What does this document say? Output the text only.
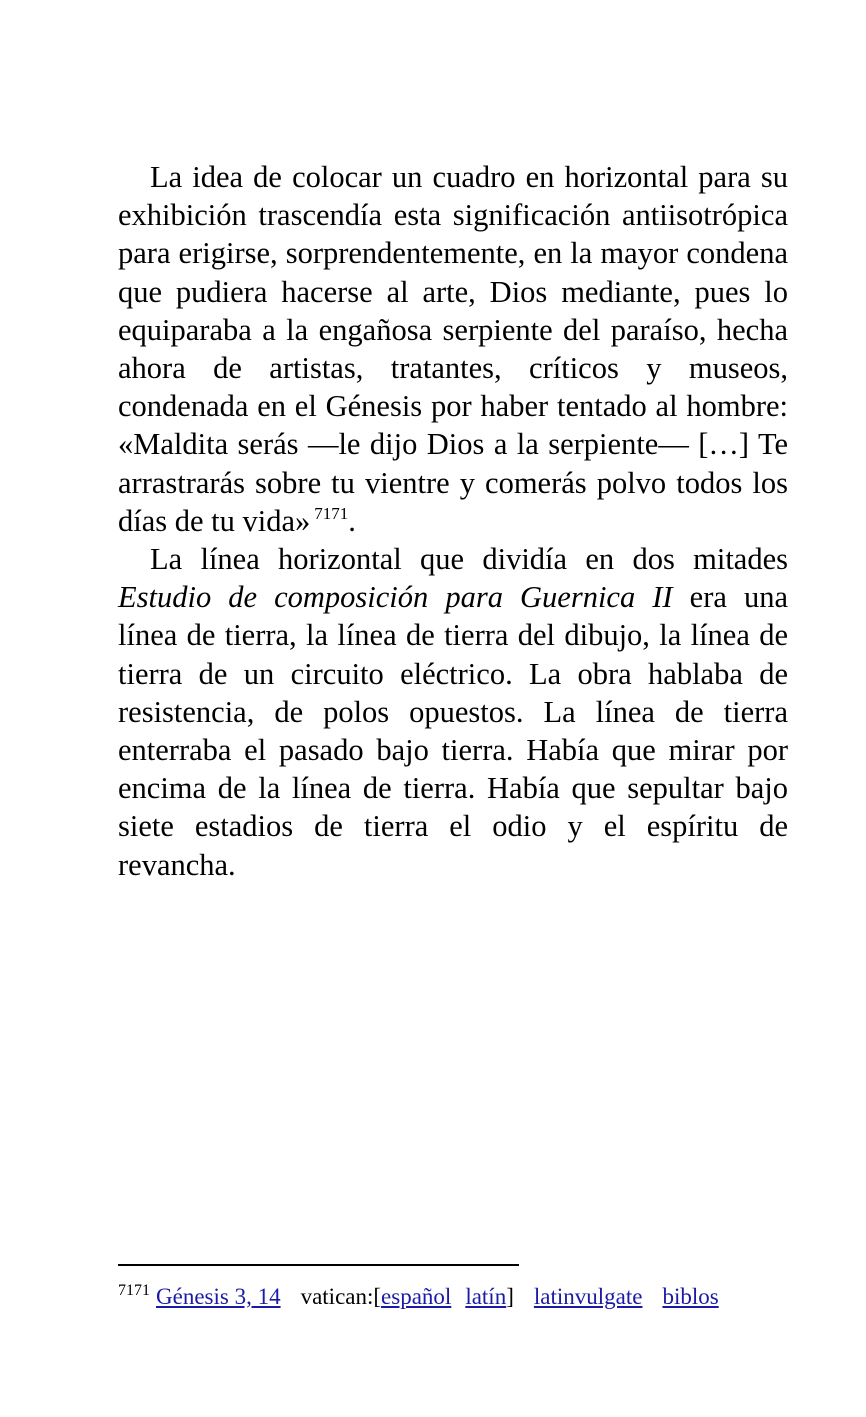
La idea de colocar un cuadro en horizontal para su exhibición trascendía esta significación antiisotrópica para erigirse, sorprendentemente, en la mayor condena que pudiera hacerse al arte, Dios mediante, pues lo equiparaba a la engañosa serpiente del paraíso, hecha ahora de artistas, tratantes, críticos y museos, condenada en el Génesis por haber tentado al hombre: «Maldita serás —le dijo Dios a la serpiente— […] Te arrastrarás sobre tu vientre y comerás polvo todos los días de tu vida» $^{7171}$.

La línea horizontal que dividía en dos mitades Estudio de composición para Guernica II era una línea de tierra, la línea de tierra del dibujo, la línea de tierra de un circuito eléctrico. La obra hablaba de resistencia, de polos opuestos. La línea de tierra enterraba el pasado bajo tierra. Había que mirar por encima de la línea de tierra. Había que sepultar bajo siete estadios de tierra el odio y el espíritu de revancha.

$^{7171}$ Génesis 3, 14 vatican:[español latín] latinvulgate biblos
